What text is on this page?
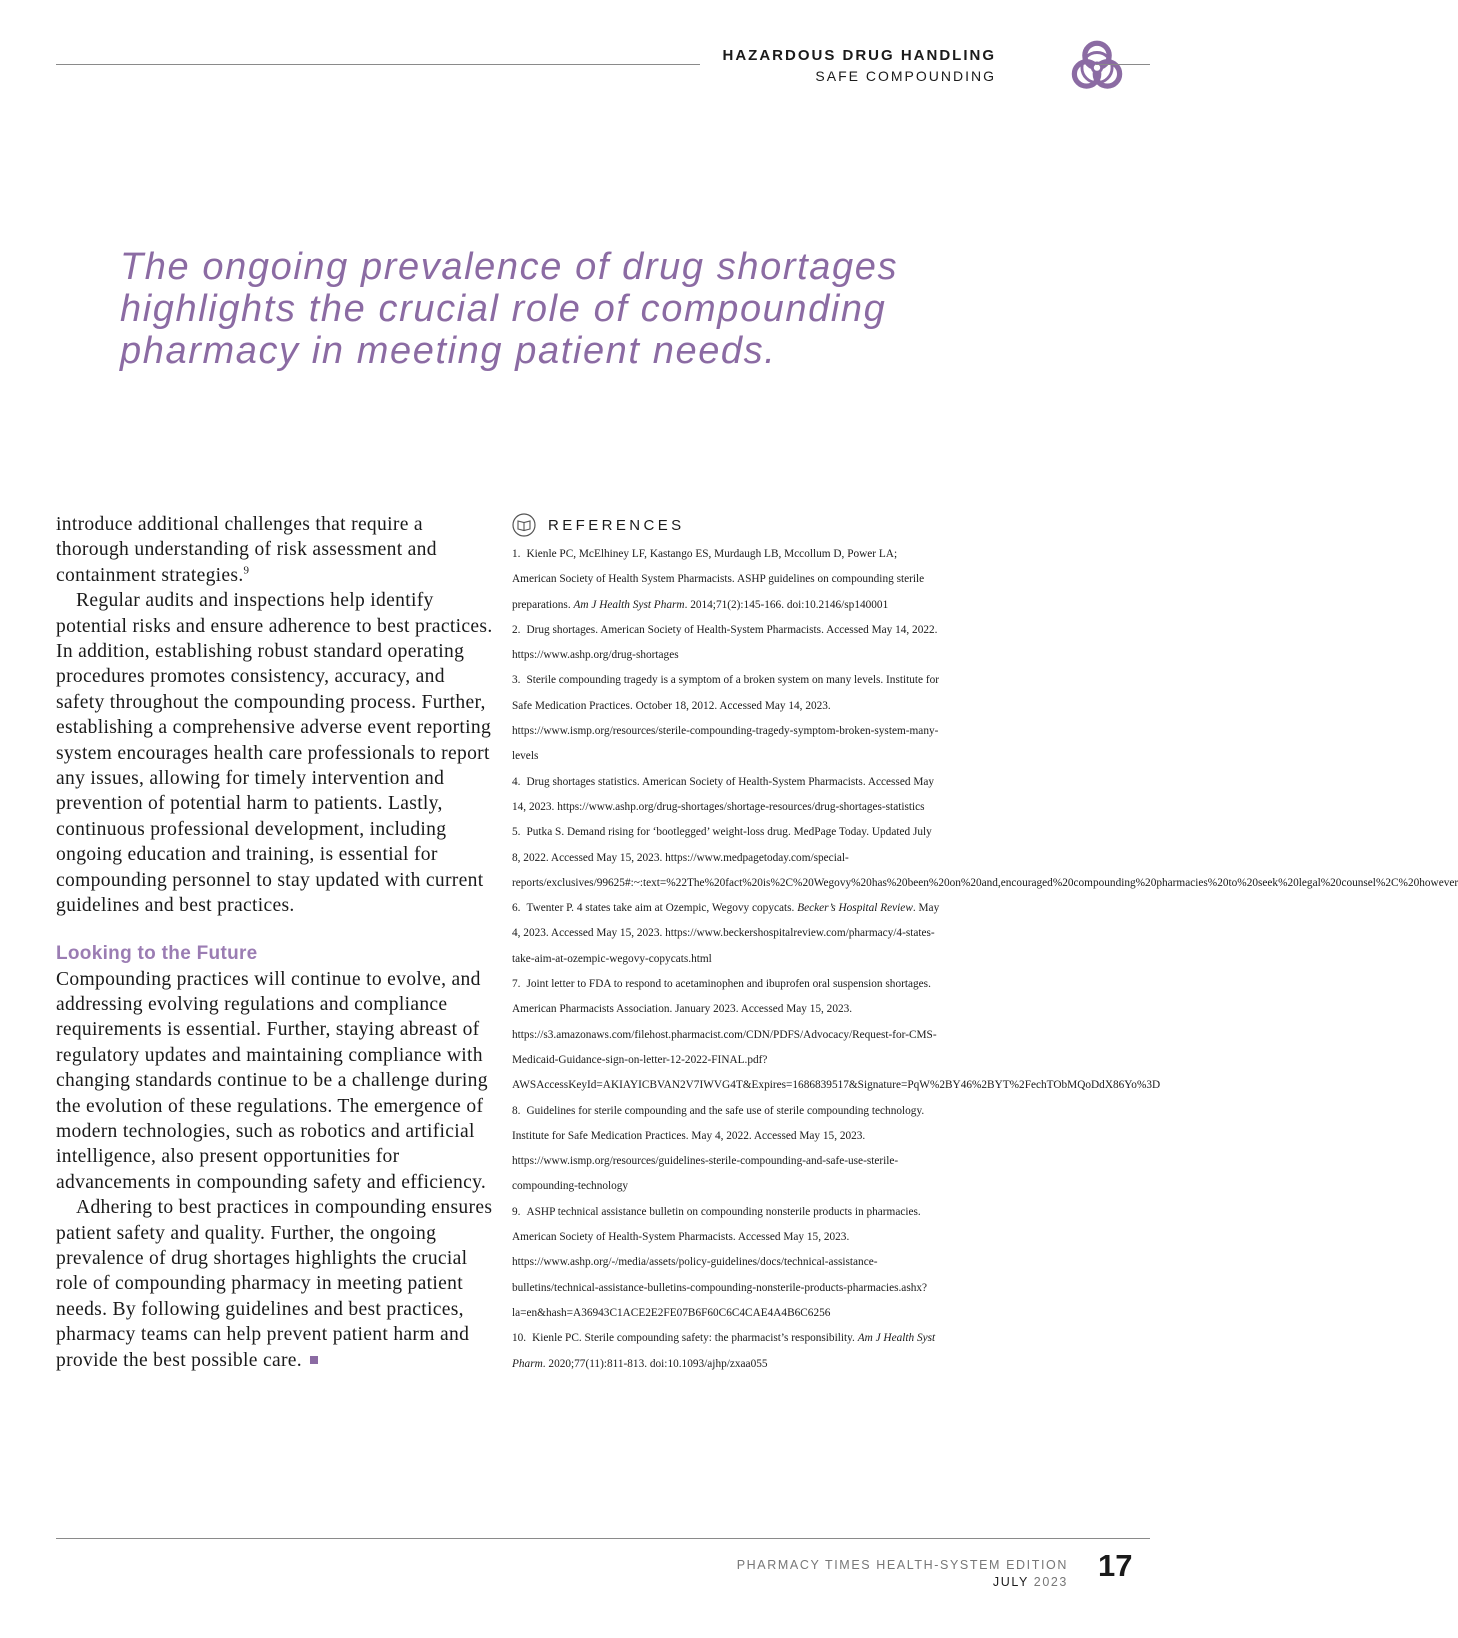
HAZARDOUS DRUG HANDLING
SAFE COMPOUNDING
The ongoing prevalence of drug shortages highlights the crucial role of compounding pharmacy in meeting patient needs.

introduce additional challenges that require a thorough understanding of risk assessment and containment strategies.$^9$

Regular audits and inspections help identify potential risks and ensure adherence to best practices. In addition, establishing robust standard operating procedures promotes consistency, accuracy, and safety throughout the compounding process. Further, establishing a comprehensive adverse event reporting system encourages health care professionals to report any issues, allowing for timely intervention and prevention of potential harm to patients. Lastly, continuous professional development, including ongoing education and training, is essential for compounding personnel to stay updated with current guidelines and best practices.

Looking to the Future

Compounding practices will continue to evolve, and addressing evolving regulations and compliance requirements is essential. Further, staying abreast of regulatory updates and maintaining compliance with changing standards continue to be a challenge during the evolution of these regulations. The emergence of modern technologies, such as robotics and artificial intelligence, also present opportunities for advancements in compounding safety and efficiency.

Adhering to best practices in compounding ensures patient safety and quality. Further, the ongoing prevalence of drug shortages highlights the crucial role of compounding pharmacy in meeting patient needs. By following guidelines and best practices, pharmacy teams can help prevent patient harm and provide the best possible care.

REFERENCES

1. Kienle PC, McElhiney LF, Kastango ES, Murdaugh LB, Mccollum D, Power LA; American Society of Health System Pharmacists. ASHP guidelines on compounding sterile preparations. Am J Health Syst Pharm. 2014;71(2):145-166. doi:10.2146/sp140001

2. Drug shortages. American Society of Health-System Pharmacists. Accessed May 14, 2022. https://www.ashp.org/drug-shortages

3. Sterile compounding tragedy is a symptom of a broken system on many levels. Institute for Safe Medication Practices. October 18, 2012. Accessed May 14, 2023. https://www.ismp.org/resources/sterile-compounding-tragedy-symptom-broken-system-many-levels

4. Drug shortages statistics. American Society of Health-System Pharmacists. Accessed May 14, 2023. https://www.ashp.org/drug-shortages/shortage-resources/drug-shortages-statistics

5. Putka S. Demand rising for ‘bootlegged’ weight-loss drug. MedPage Today. Updated July 8, 2022. Accessed May 15, 2023. https://www.medpagetoday.com/special-reports/exclusives/99625#:~:text=%22The%20fact%20is%2C%20Wegovy%20has%20been%20on%20and,encouraged%20compounding%20pharmacies%20to%20seek%20legal%20counsel%2C%20however

6. Twenter P. 4 states take aim at Ozempic, Wegovy copycats. Becker’s Hospital Review. May 4, 2023. Accessed May 15, 2023. https://www.beckershospitalreview.com/pharmacy/4-states-take-aim-at-ozempic-wegovy-copycats.html

7. Joint letter to FDA to respond to acetaminophen and ibuprofen oral suspension shortages. American Pharmacists Association. January 2023. Accessed May 15, 2023. https://s3.amazonaws.com/filehost.pharmacist.com/CDN/PDFS/Advocacy/Request-for-CMS-Medicaid-Guidance-sign-on-letter-12-2022-FINAL.pdf?AWSAccessKeyId=AKIAYICBVAN2V7IWVG4T&Expires=1686839517&Signature=PqW%2BY46%2BYT%2FechTObMQoDdX86Yo%3D

8. Guidelines for sterile compounding and the safe use of sterile compounding technology. Institute for Safe Medication Practices. May 4, 2022. Accessed May 15, 2023. https://www.ismp.org/resources/guidelines-sterile-compounding-and-safe-use-sterile-compounding-technology

9. ASHP technical assistance bulletin on compounding nonsterile products in pharmacies. American Society of Health-System Pharmacists. Accessed May 15, 2023. https://www.ashp.org/-/media/assets/policy-guidelines/docs/technical-assistance-bulletins/technical-assistance-bulletins-compounding-nonsterile-products-pharmacies.ashx?la=en&hash=A36943C1ACE2E2FE07B6F60C6C4CAE4A4B6C6256

10. Kienle PC. Sterile compounding safety: the pharmacist’s responsibility. Am J Health Syst Pharm. 2020;77(11):811-813. doi:10.1093/ajhp/zxaa055

PHARMACY TIMES HEALTH-SYSTEM EDITION
JULY 2023 17
